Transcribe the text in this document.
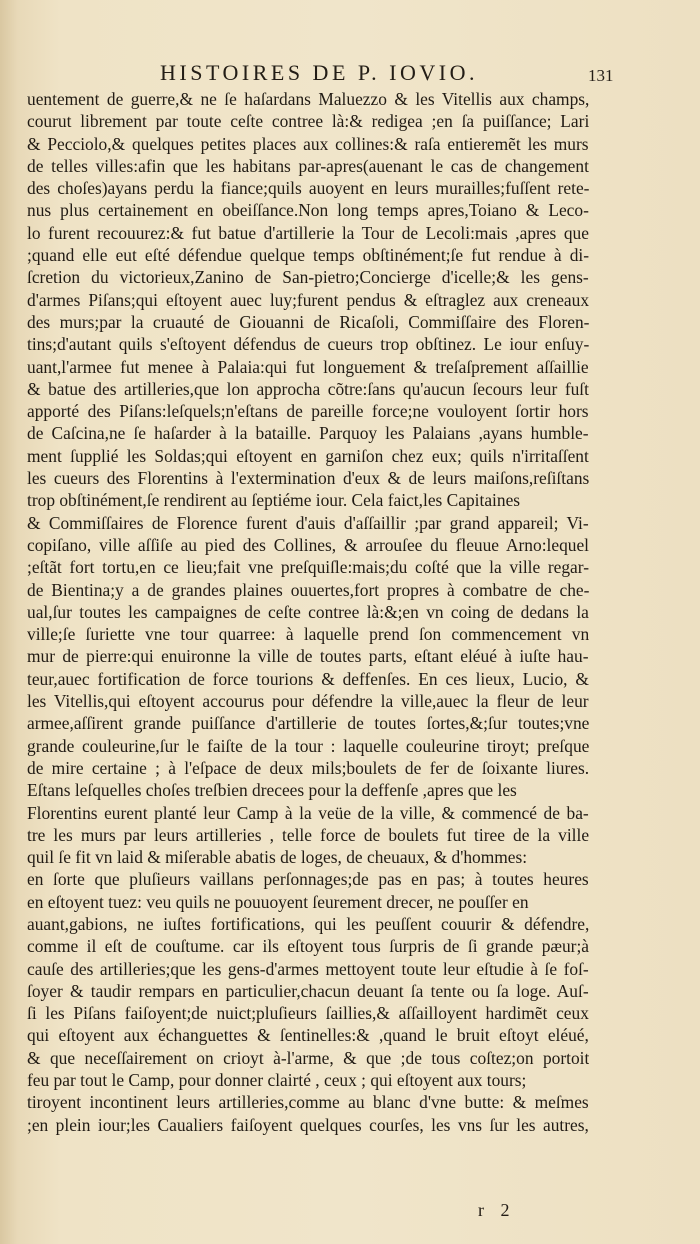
HISTOIRES DE P. IOVIO.	131
uentement de guerre,& ne ſe haſardans Maluezzo & les Vitellis aux champs,
courut librement par toute ceſte contree là:& redigea ;en ſa puiſſance; Lari
& Pecciolo,& quelques petites places aux collines:& raſa entieremẽt les murs
de telles villes:afin que les habitans par-apres(auenant le cas de changement
des choſes)ayans perdu la fiance;quils auoyent en leurs murailles;fuſſent rete-
nus plus certainement en obeiſſance.Non long temps apres,Toiano & Leco-
lo furent recouurez:& fut batue d'artillerie la Tour de Lecoli:mais ,apres que
;quand elle eut eſté défendue quelque temps obſtinément;ſe fut rendue à di-
ſcretion du victorieux,Zanino de San-pietro;Concierge d'icelle;& les gens-
d'armes Piſans;qui eſtoyent auec luy;furent pendus & eſtraglez aux creneaux
des murs;par la cruauté de Giouanni de Ricaſoli, Commiſſaire des Floren-
tins;d'autant quils s'eſtoyent défendus de cueurs trop obſtinez. Le iour enſuy-
uant,l'armee fut menee à Palaia:qui fut longuement & treſaſprement aſſaillie
& batue des artilleries,que lon approcha cõtre:ſans qu'aucun ſecours leur fuſt
apporté des Piſans:leſquels;n'eſtans de pareille force;ne vouloyent ſortir hors
de Caſcina,ne ſe haſarder à la bataille. Parquoy les Palaians ,ayans humble-
ment ſupplié les Soldas;qui eſtoyent en garniſon chez eux; quils n'irritaſſent
les cueurs des Florentins à l'extermination d'eux & de leurs maiſons,reſiſtans
trop obſtinément,ſe rendirent au ſeptiéme iour. Cela faict,les Capitaines
& Commiſſaires de Florence furent d'auis d'aſſaillir ;par grand appareil; Vi-
copiſano, ville aſſiſe au pied des Collines, & arrouſee du fleuue Arno:lequel
;eſtãt fort tortu,en ce lieu;fait vne preſquiſle:mais;du coſté que la ville regar-
de Bientina;y a de grandes plaines ouuertes,fort propres à combatre de che-
ual,ſur toutes les campaignes de ceſte contree là:&;en vn coing de dedans la
ville;ſe ſuriette vne tour quarree: à laquelle prend ſon commencement vn
mur de pierre:qui enuironne la ville de toutes parts, eſtant eléué à iuſte hau-
teur,auec fortification de force tourions & deffenſes. En ces lieux, Lucio, &
les Vitellis,qui eſtoyent accourus pour défendre la ville,auec la fleur de leur
armee,aſſirent grande puiſſance d'artillerie de toutes ſortes,&;ſur toutes;vne
grande couleurine,ſur le faiſte de la tour : laquelle couleurine tiroyt; preſque
de mire certaine ; à l'eſpace de deux mils;boulets de fer de ſoixante liures.
Eſtans leſquelles choſes treſbien drecees pour la deffenſe ,apres que les
Florentins eurent planté leur Camp à la veüe de la ville, & commencé de ba-
tre les murs par leurs artilleries , telle force de boulets fut tiree de la ville
quil ſe fit vn laid & miſerable abatis de loges, de cheuaux, & d'hommes:
en ſorte que pluſieurs vaillans perſonnages;de pas en pas; à toutes heures
en eſtoyent tuez: veu quils ne pouuoyent ſeurement drecer, ne pouſſer en
auant,gabions, ne iuſtes fortifications, qui les peuſſent couurir & défendre,
comme il eſt de couſtume. car ils eſtoyent tous ſurpris de ſi grande pæur;à
cauſe des artilleries;que les gens-d'armes mettoyent toute leur eſtudie à ſe foſ-
ſoyer & taudir rempars en particulier,chacun deuant ſa tente ou ſa loge. Auſ-
ſi les Piſans faiſoyent;de nuict;pluſieurs ſaillies,& aſſailloyent hardimẽt ceux
qui eſtoyent aux échanguettes & ſentinelles:& ,quand le bruit eſtoyt eléué,
& que neceſſairement on crioyt à-l'arme, & que ;de tous coſtez;on portoit
feu par tout le Camp, pour donner clairté , ceux ; qui eſtoyent aux tours;
tiroyent incontinent leurs artilleries,comme au blanc d'vne butte: & meſmes
;en plein iour;les Caualiers faiſoyent quelques courſes, les vns ſur les autres,
r 2
